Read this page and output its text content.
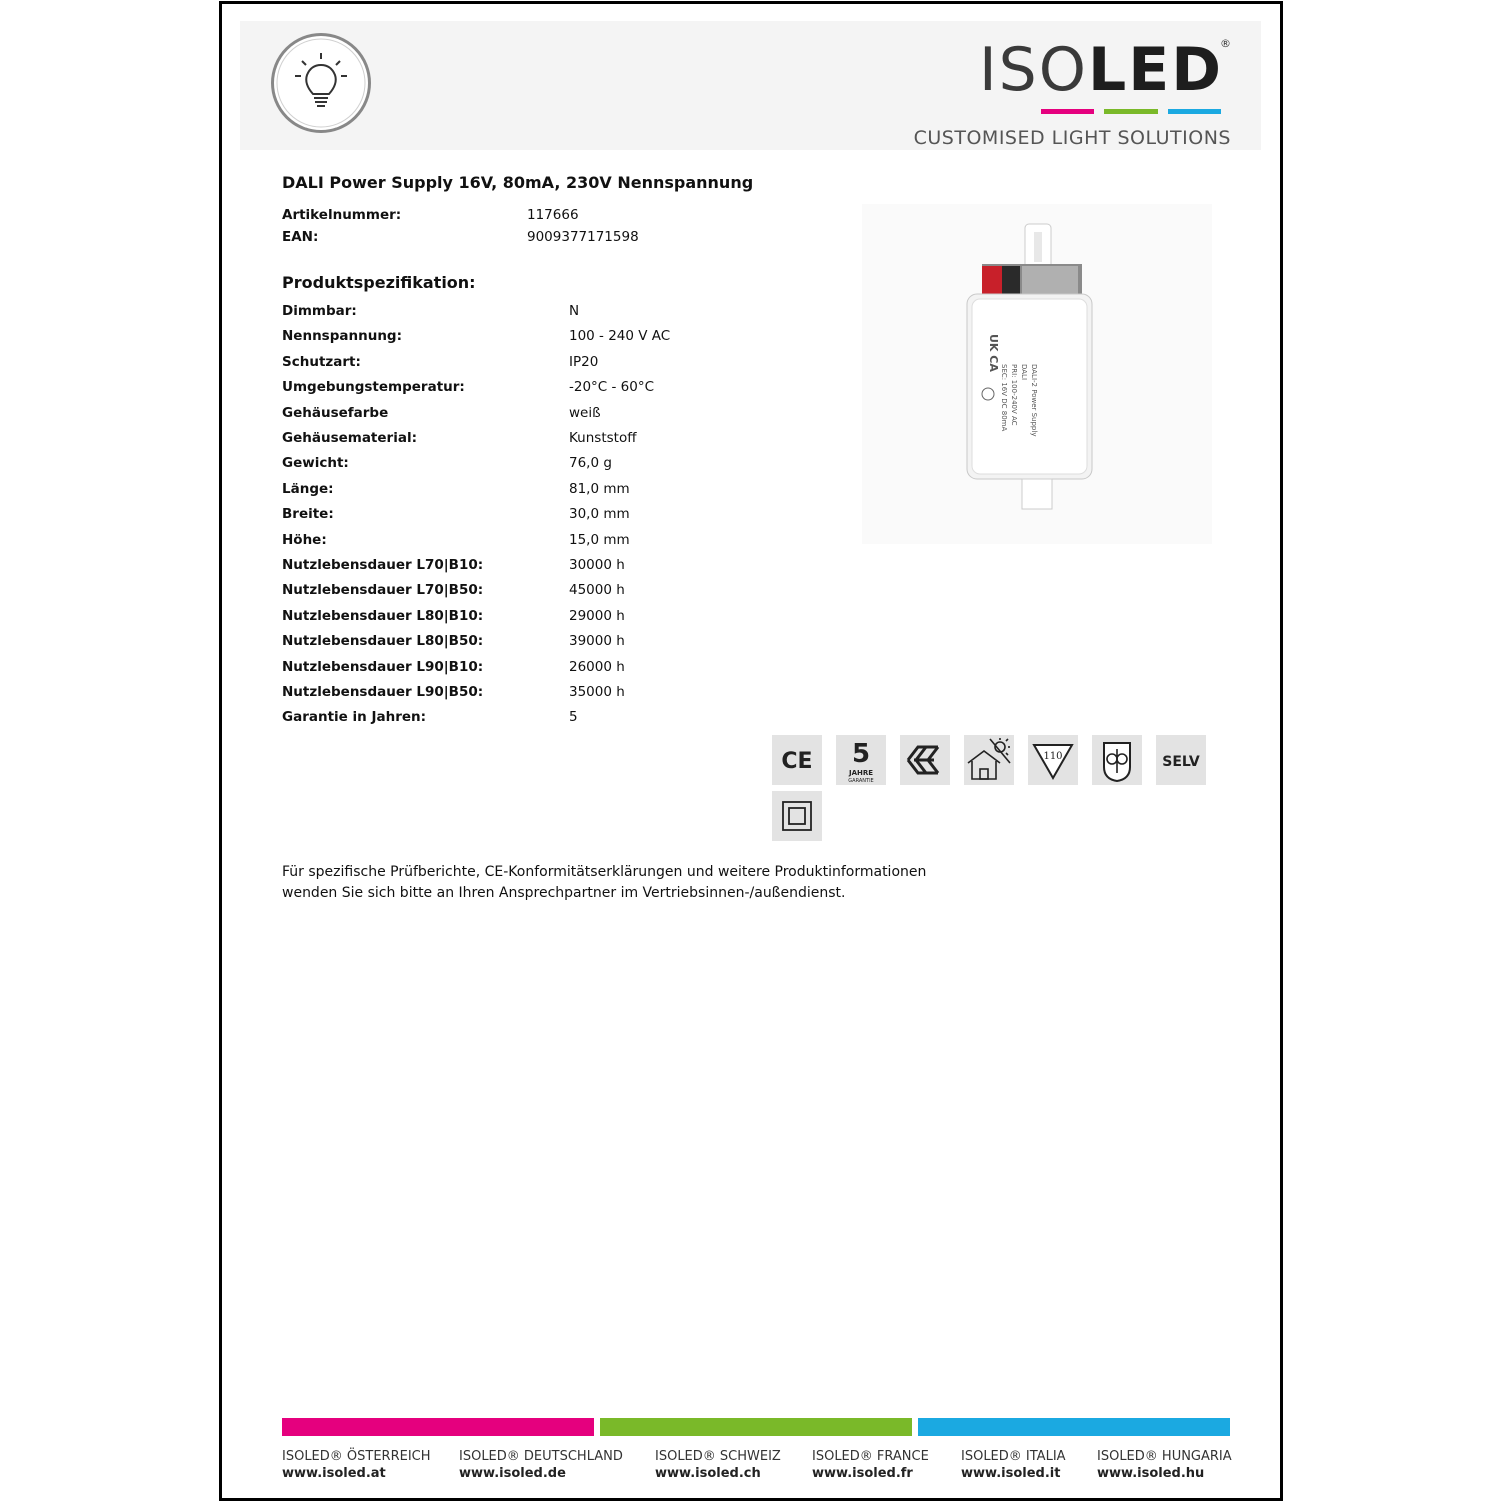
ISOLED
®
CUSTOMISED LIGHT SOLUTIONS
DALI Power Supply 16V, 80mA, 230V Nennspannung
Artikelnummer:	117666
EAN:	9009377171598
Produktspezifikation:
Dimmbar:	N
Nennspannung:	100 - 240 V AC
Schutzart:	IP20
Umgebungstemperatur:	-20°C - 60°C
Gehäusefarbe	weiß
Gehäusematerial:	Kunststoff
Gewicht:	76,0 g
Länge:	81,0 mm
Breite:	30,0 mm
Höhe:	15,0 mm
Nutzlebensdauer L70|B10:	30000 h
Nutzlebensdauer L70|B50:	45000 h
Nutzlebensdauer L80|B10:	29000 h
Nutzlebensdauer L80|B50:	39000 h
Nutzlebensdauer L90|B10:	26000 h
Nutzlebensdauer L90|B50:	35000 h
Garantie in Jahren:	5
DALI-2 Power Supply
DALI
PRI: 100-240V AC
SEC: 16V DC 80mA
UK CA
CE 5
JAHRE
GARANTIE
110	SELV
Für spezifische Prüfberichte, CE-Konformitätserklärungen und weitere Produktinformationen wenden Sie sich bitte an Ihren Ansprechpartner im Vertriebsinnen-/außendienst.
ISOLED® ÖSTERREICH
www.isoled.at
ISOLED® DEUTSCHLAND
www.isoled.de
ISOLED® SCHWEIZ
www.isoled.ch
ISOLED® FRANCE
www.isoled.fr
ISOLED® ITALIA
www.isoled.it
ISOLED® HUNGARIA
www.isoled.hu
